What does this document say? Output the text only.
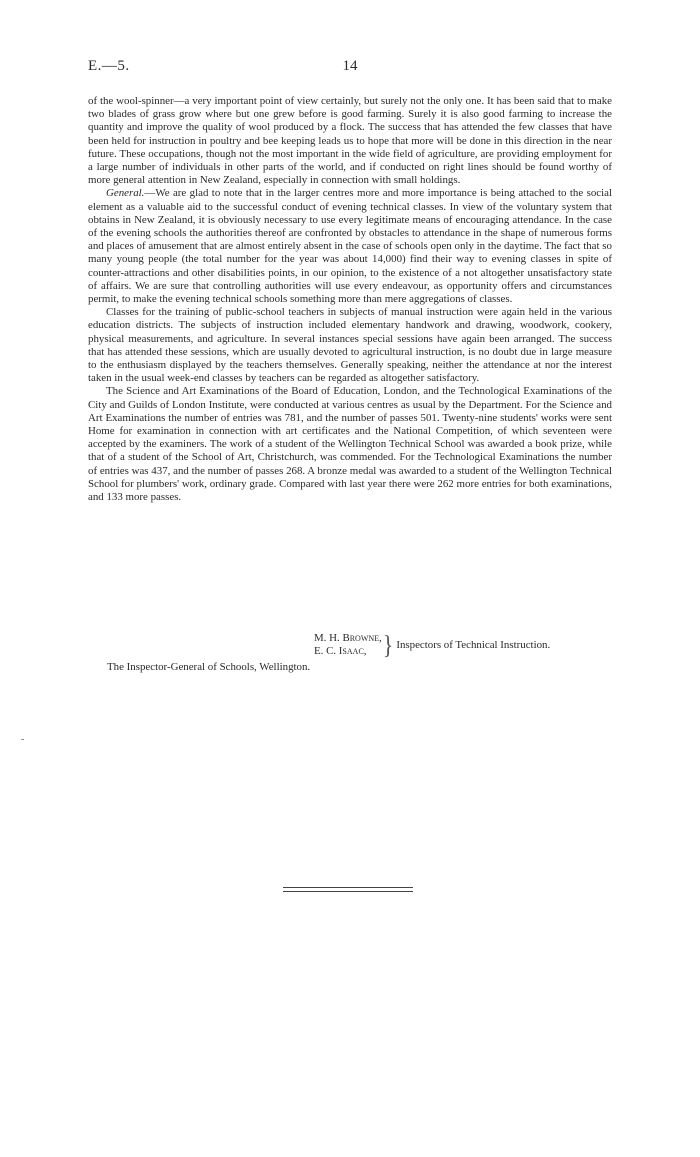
E.—5.	14

of the wool-spinner—a very important point of view certainly, but surely not the only one. It has been said that to make two blades of grass grow where but one grew before is good farming. Surely it is also good farming to increase the quantity and improve the quality of wool produced by a flock. The success that has attended the few classes that have been held for instruction in poultry and bee keeping leads us to hope that more will be done in this direction in the near future. These occupations, though not the most important in the wide field of agriculture, are providing employment for a large number of individuals in other parts of the world, and if conducted on right lines should be found worthy of more general attention in New Zealand, especially in connection with small holdings.

General.—We are glad to note that in the larger centres more and more importance is being attached to the social element as a valuable aid to the successful conduct of evening technical classes. In view of the voluntary system that obtains in New Zealand, it is obviously necessary to use every legitimate means of encouraging attendance. In the case of the evening schools the authorities thereof are confronted by obstacles to attendance in the shape of numerous forms and places of amusement that are almost entirely absent in the case of schools open only in the daytime. The fact that so many young people (the total number for the year was about 14,000) find their way to evening classes in spite of counter-attractions and other disabilities points, in our opinion, to the existence of a not altogether unsatisfactory state of affairs. We are sure that controlling authorities will use every endeavour, as opportunity offers and circumstances permit, to make the evening technical schools something more than mere aggregations of classes.

Classes for the training of public-school teachers in subjects of manual instruction were again held in the various education districts. The subjects of instruction included elementary handwork and drawing, woodwork, cookery, physical measurements, and agriculture. In several instances special sessions have again been arranged. The success that has attended these sessions, which are usually devoted to agricultural instruction, is no doubt due in large measure to the enthusiasm displayed by the teachers themselves. Generally speaking, neither the attendance at nor the interest taken in the usual week-end classes by teachers can be regarded as altogether satisfactory.

The Science and Art Examinations of the Board of Education, London, and the Technological Examinations of the City and Guilds of London Institute, were conducted at various centres as usual by the Department. For the Science and Art Examinations the number of entries was 781, and the number of passes 501. Twenty-nine students' works were sent Home for examination in connection with art certificates and the National Competition, of which seventeen were accepted by the examiners. The work of a student of the Wellington Technical School was awarded a book prize, while that of a student of the School of Art, Christchurch, was commended. For the Technological Examinations the number of entries was 437, and the number of passes 268. A bronze medal was awarded to a student of the Wellington Technical School for plumbers' work, ordinary grade. Compared with last year there were 262 more entries for both examinations, and 133 more passes.

M. H. Browne,
E. C. Isaac, } Inspectors of Technical Instruction.
The Inspector-General of Schools, Wellington.
